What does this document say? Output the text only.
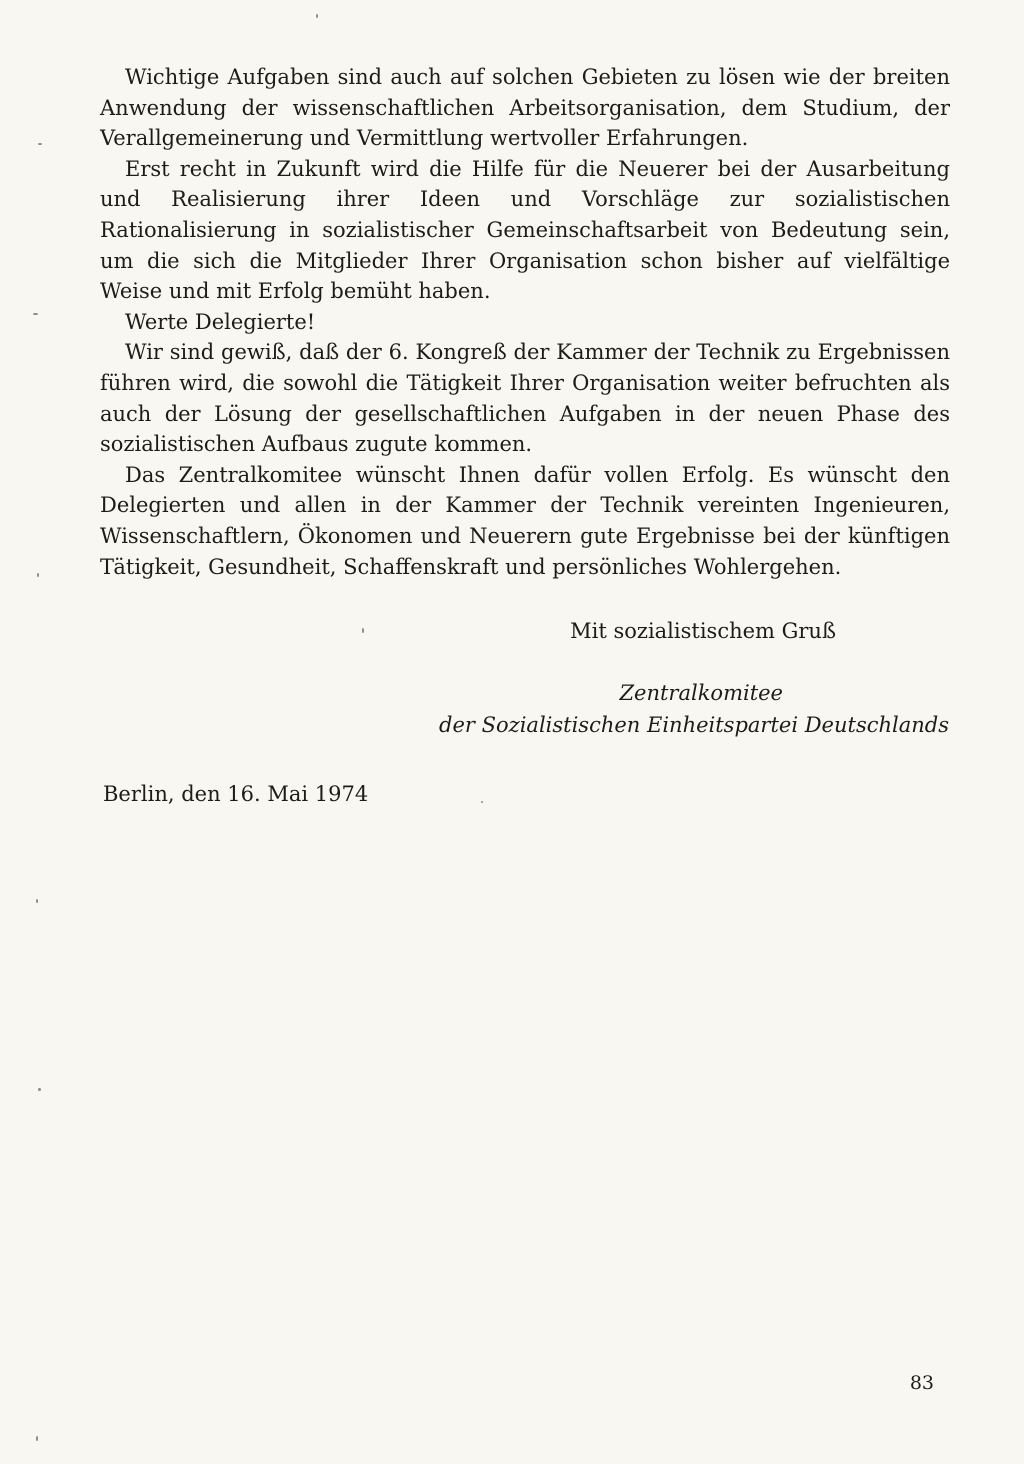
Wichtige Aufgaben sind auch auf solchen Gebieten zu lösen wie der breiten Anwendung der wissenschaftlichen Arbeitsorganisation, dem Studium, der Verallgemeinerung und Vermittlung wertvoller Erfahrungen.

Erst recht in Zukunft wird die Hilfe für die Neuerer bei der Ausarbeitung und Realisierung ihrer Ideen und Vorschläge zur sozialistischen Rationalisierung in sozialistischer Gemeinschaftsarbeit von Bedeutung sein, um die sich die Mitglieder Ihrer Organisation schon bisher auf vielfältige Weise und mit Erfolg bemüht haben.

Werte Delegierte!

Wir sind gewiß, daß der 6. Kongreß der Kammer der Technik zu Ergebnissen führen wird, die sowohl die Tätigkeit Ihrer Organisation weiter befruchten als auch der Lösung der gesellschaftlichen Aufgaben in der neuen Phase des sozialistischen Aufbaus zugute kommen.

Das Zentralkomitee wünscht Ihnen dafür vollen Erfolg. Es wünscht den Delegierten und allen in der Kammer der Technik vereinten Ingenieuren, Wissenschaftlern, Ökonomen und Neuerern gute Ergebnisse bei der künftigen Tätigkeit, Gesundheit, Schaffenskraft und persönliches Wohlergehen.

Mit sozialistischem Gruß
Zentralkomitee
der Sozialistischen Einheitspartei Deutschlands
Berlin, den 16. Mai 1974
83
